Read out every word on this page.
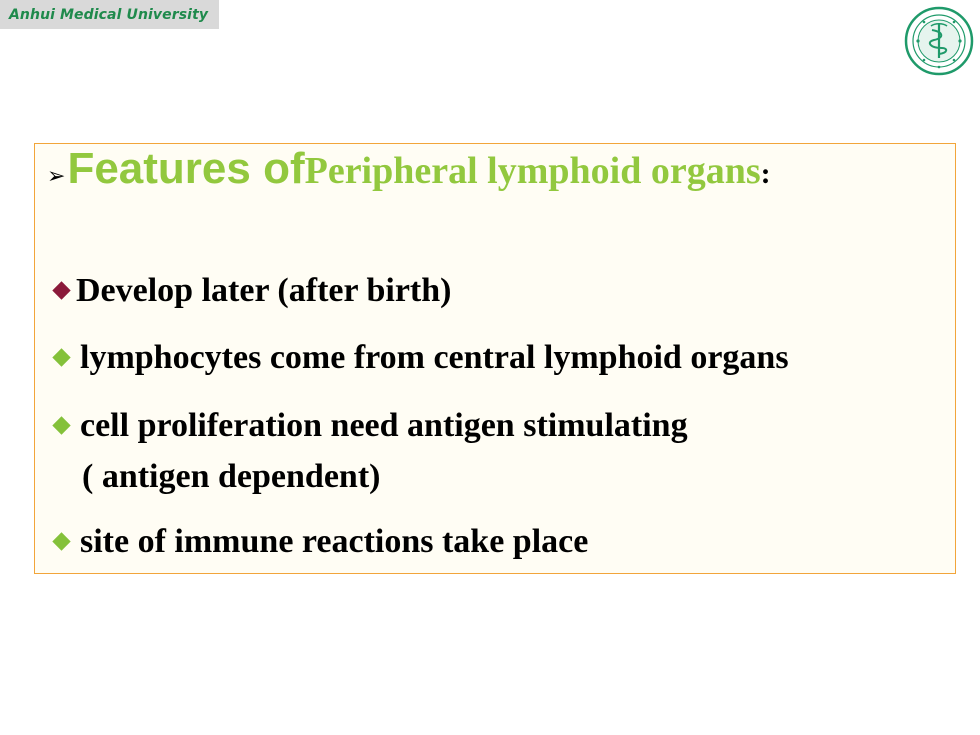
Anhui Medical University
➢ Features of Peripheral lymphoid organs :
Develop later (after birth)
lymphocytes come from central lymphoid organs
cell proliferation need antigen stimulating
( antigen dependent)
site of immune reactions take place
